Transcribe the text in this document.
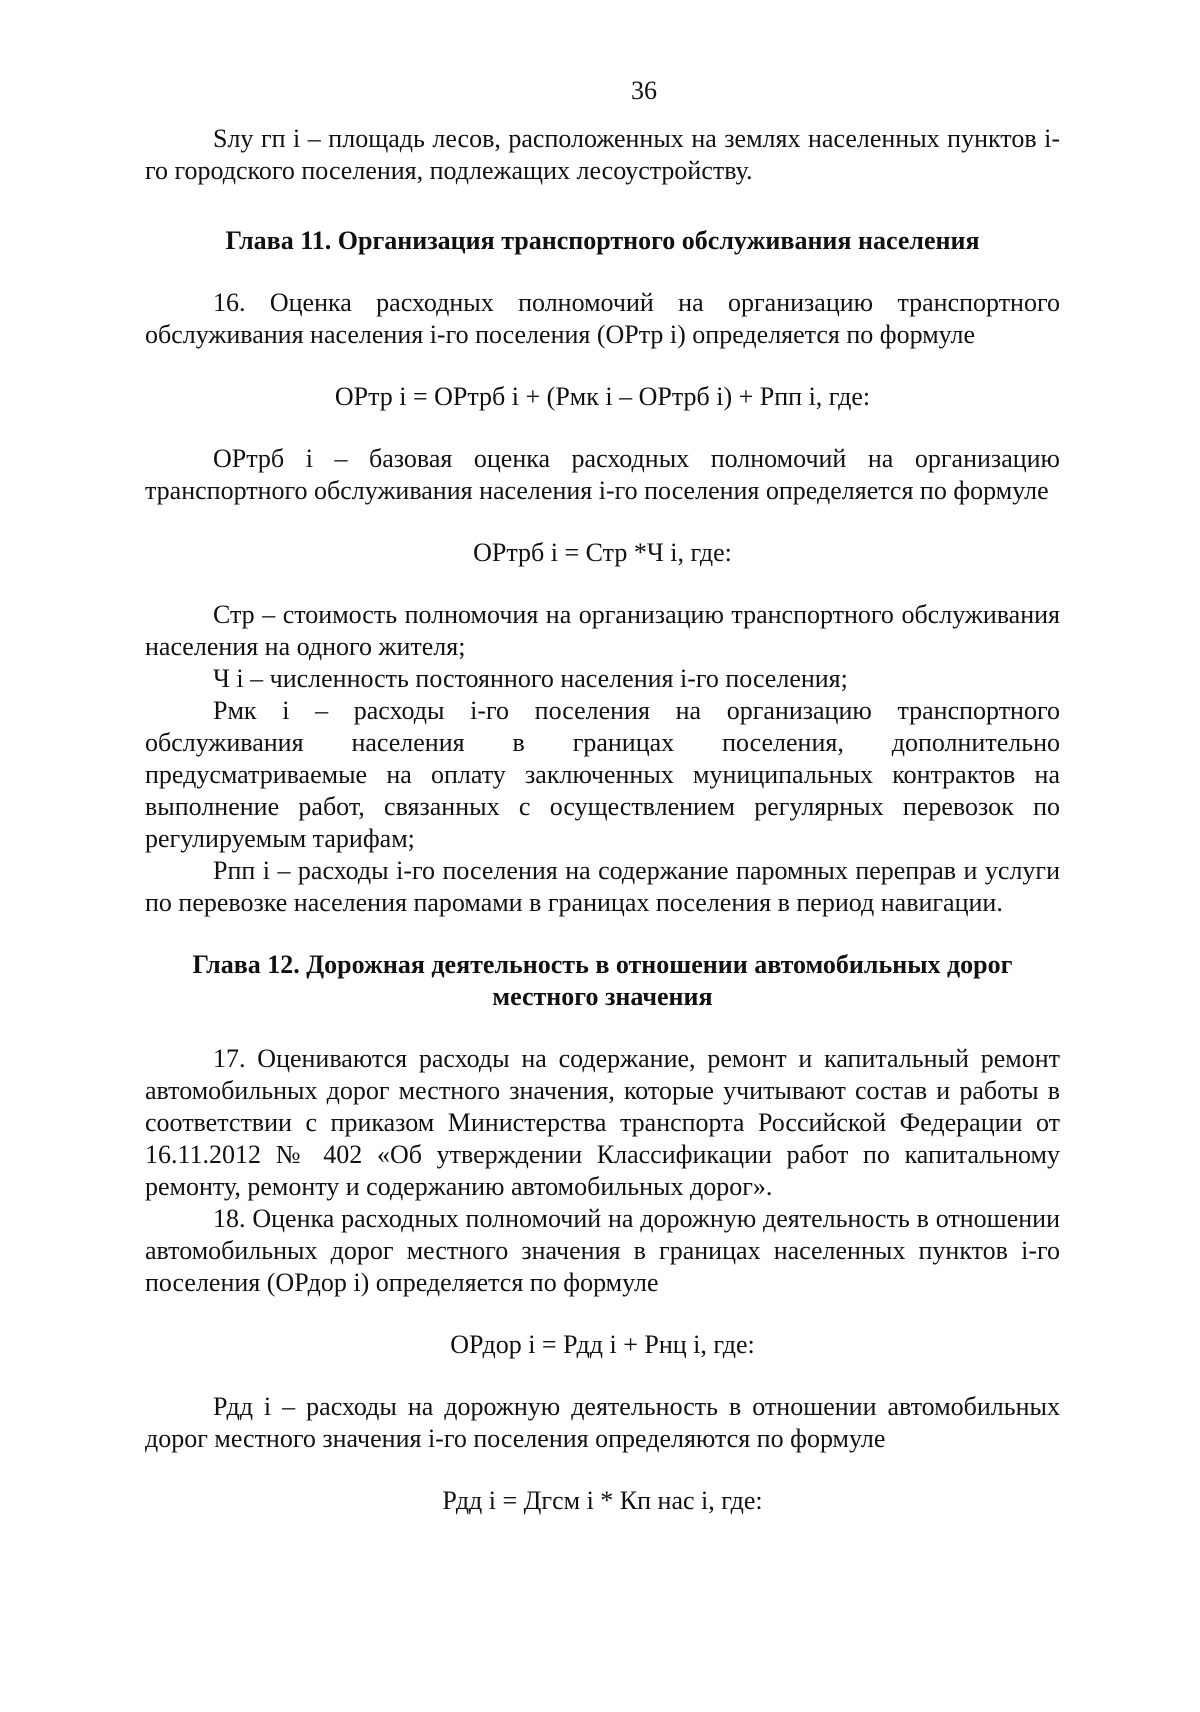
36

Sлу гп i – площадь лесов, расположенных на землях населенных пунктов i-го городского поселения, подлежащих лесоустройству.

Глава 11. Организация транспортного обслуживания населения

16. Оценка расходных полномочий на организацию транспортного обслуживания населения i-го поселения (ОРтр i) определяется по формуле

ОРтр i = ОРтрб i + (Рмк i – ОРтрб i) + Рпп i, где:

ОРтрб i – базовая оценка расходных полномочий на организацию транспортного обслуживания населения i-го поселения определяется по формуле

ОРтрб i = Стр *Ч i, где:

Стр – стоимость полномочия на организацию транспортного обслуживания населения на одного жителя;

Ч i – численность постоянного населения i-го поселения;

Рмк i – расходы i-го поселения на организацию транспортного обслуживания населения в границах поселения, дополнительно предусматриваемые на оплату заключенных муниципальных контрактов на выполнение работ, связанных с осуществлением регулярных перевозок по регулируемым тарифам;

Рпп i – расходы i-го поселения на содержание паромных переправ и услуги по перевозке населения паромами в границах поселения в период навигации.

Глава 12. Дорожная деятельность в отношении автомобильных дорог

местного значения

17. Оцениваются расходы на содержание, ремонт и капитальный ремонт автомобильных дорог местного значения, которые учитывают состав и работы в соответствии с приказом Министерства транспорта Российской Федерации от 16.11.2012 № 402 «Об утверждении Классификации работ по капитальному ремонту, ремонту и содержанию автомобильных дорог».

18. Оценка расходных полномочий на дорожную деятельность в отношении автомобильных дорог местного значения в границах населенных пунктов i-го поселения (ОРдор i) определяется по формуле

ОРдор i = Рдд i + Рнц i, где:

Рдд i – расходы на дорожную деятельность в отношении автомобильных дорог местного значения i-го поселения определяются по формуле

Рдд i = Дгсм i * Кп нас i, где:
